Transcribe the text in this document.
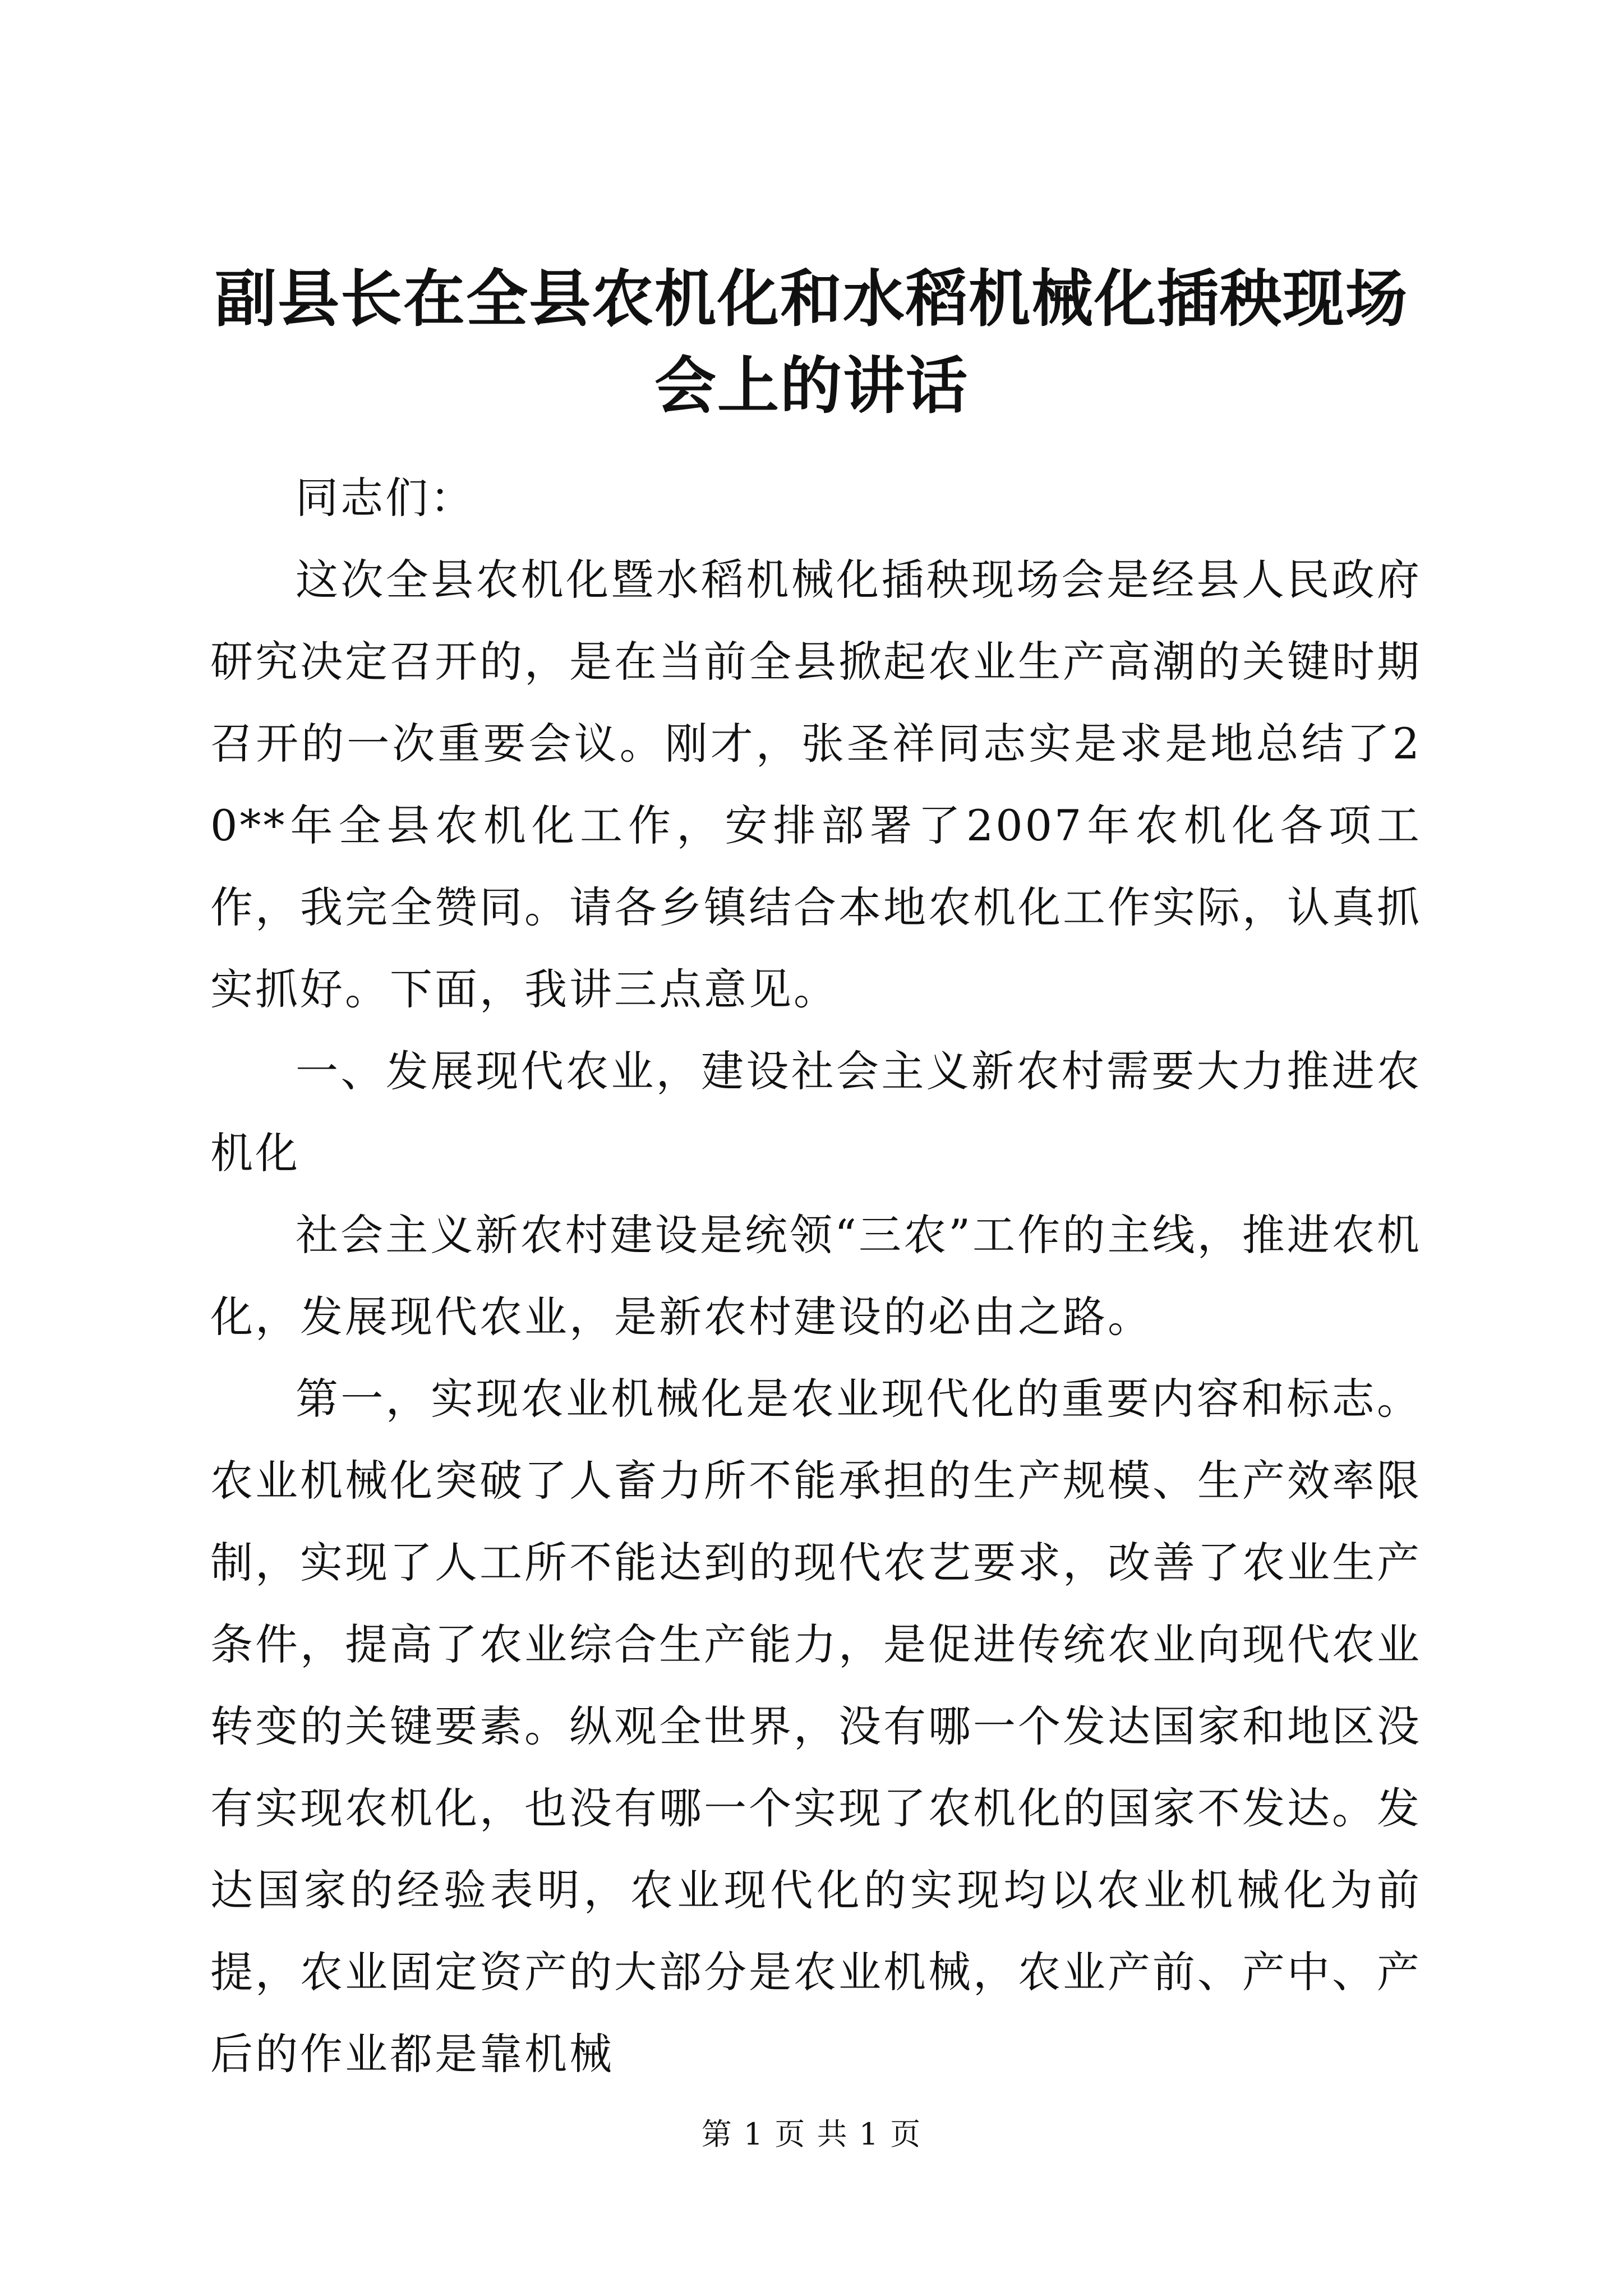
副县长在全县农机化和水稻机械化插秧现场会上的讲话

同志们：

这次全县农机化暨水稻机械化插秧现场会是经县人民政府研究决定召开的，是在当前全县掀起农业生产高潮的关键时期召开的一次重要会议。刚才，张圣祥同志实是求是地总结了20**年全县农机化工作，安排部署了2007年农机化各项工作，我完全赞同。请各乡镇结合本地农机化工作实际，认真抓实抓好。下面，我讲三点意见。

一、发展现代农业，建设社会主义新农村需要大力推进农机化

社会主义新农村建设是统领“三农”工作的主线，推进农机化，发展现代农业，是新农村建设的必由之路。

第一，实现农业机械化是农业现代化的重要内容和标志。农业机械化突破了人畜力所不能承担的生产规模、生产效率限制，实现了人工所不能达到的现代农艺要求，改善了农业生产条件，提高了农业综合生产能力，是促进传统农业向现代农业转变的关键要素。纵观全世界，没有哪一个发达国家和地区没有实现农机化，也没有哪一个实现了农机化的国家不发达。发达国家的经验表明，农业现代化的实现均以农业机械化为前提，农业固定资产的大部分是农业机械，农业产前、产中、产后的作业都是靠机械

第 1 页 共 1 页
